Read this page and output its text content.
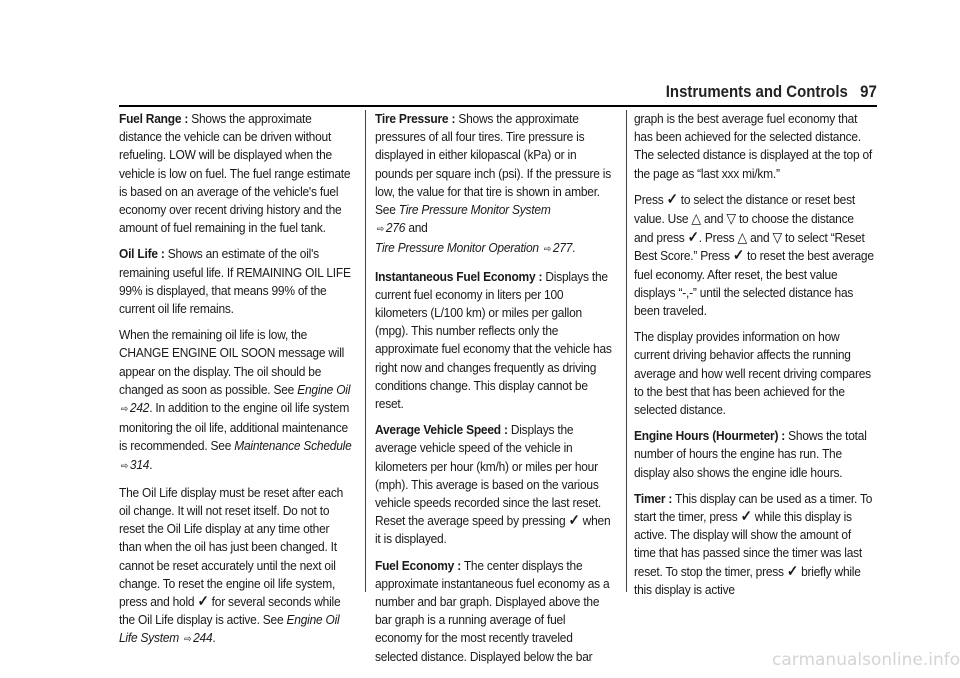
Instruments and Controls 97

Fuel Range : Shows the approximate distance the vehicle can be driven without refueling. LOW will be displayed when the vehicle is low on fuel. The fuel range estimate is based on an average of the vehicle's fuel economy over recent driving history and the amount of fuel remaining in the fuel tank.

Oil Life : Shows an estimate of the oil's remaining useful life. If REMAINING OIL LIFE 99% is displayed, that means 99% of the current oil life remains.

When the remaining oil life is low, the CHANGE ENGINE OIL SOON message will appear on the display. The oil should be changed as soon as possible. See Engine Oil ⇨ 242. In addition to the engine oil life system monitoring the oil life, additional maintenance is recommended. See Maintenance Schedule ⇨ 314.

The Oil Life display must be reset after each oil change. It will not reset itself. Do not to reset the Oil Life display at any time other than when the oil has just been changed. It cannot be reset accurately until the next oil change. To reset the engine oil life system, press and hold ✓ for several seconds while the Oil Life display is active. See Engine Oil Life System ⇨ 244.

Tire Pressure : Shows the approximate pressures of all four tires. Tire pressure is displayed in either kilopascal (kPa) or in pounds per square inch (psi). If the pressure is low, the value for that tire is shown in amber. See Tire Pressure Monitor System
⇨ 276 and
Tire Pressure Monitor Operation ⇨ 277.

Instantaneous Fuel Economy : Displays the current fuel economy in liters per 100 kilometers (L/100 km) or miles per gallon (mpg). This number reflects only the approximate fuel economy that the vehicle has right now and changes frequently as driving conditions change. This display cannot be reset.

Average Vehicle Speed : Displays the average vehicle speed of the vehicle in kilometers per hour (km/h) or miles per hour (mph). This average is based on the various vehicle speeds recorded since the last reset. Reset the average speed by pressing ✓ when it is displayed.

Fuel Economy : The center displays the approximate instantaneous fuel economy as a number and bar graph. Displayed above the bar graph is a running average of fuel economy for the most recently traveled selected distance. Displayed below the bar

graph is the best average fuel economy that has been achieved for the selected distance. The selected distance is displayed at the top of the page as “last xxx mi/km.”

Press ✓ to select the distance or reset best value. Use △ and ▽ to choose the distance and press ✓. Press △ and ▽ to select “Reset Best Score.” Press ✓ to reset the best average fuel economy. After reset, the best value displays “-,-” until the selected distance has been traveled.

The display provides information on how current driving behavior affects the running average and how well recent driving compares to the best that has been achieved for the selected distance.

Engine Hours (Hourmeter) : Shows the total number of hours the engine has run. The display also shows the engine idle hours.

Timer : This display can be used as a timer. To start the timer, press ✓ while this display is active. The display will show the amount of time that has passed since the timer was last reset. To stop the timer, press ✓ briefly while this display is active

carmanualsonline.info
